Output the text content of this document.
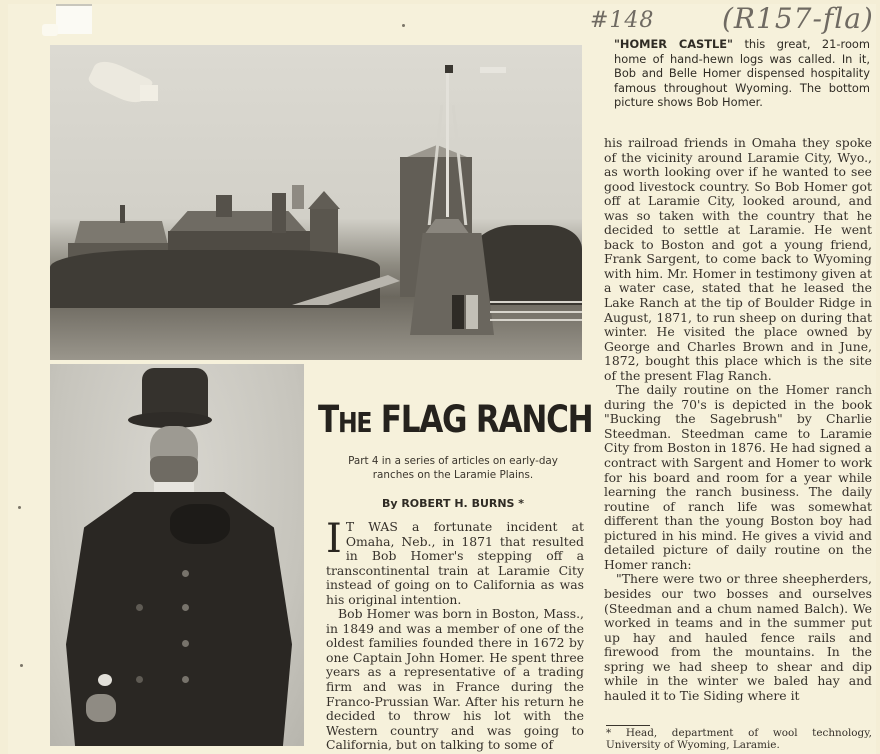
#148 (R157-fla)
"HOMER CASTLE" this great, 21-room home of hand-hewn logs was called. In it, Bob and Belle Homer dispensed hospitality famous throughout Wyoming. The bottom picture shows Bob Homer.
THE FLAG RANCH
Part 4 in a series of articles on early-day ranches on the Laramie Plains.
By ROBERT H. BURNS *

I T WAS a fortunate incident at Omaha, Neb., in 1871 that resulted in Bob Homer's stepping off a transcontinental train at Laramie City instead of going on to California as was his original intention.

Bob Homer was born in Boston, Mass., in 1849 and was a member of one of the oldest families founded there in 1672 by one Captain John Homer. He spent three years as a representative of a trading firm and was in France during the Franco-Prussian War. After his return he decided to throw his lot with the Western country and was going to California, but on talking to some of

his railroad friends in Omaha they spoke of the vicinity around Laramie City, Wyo., as worth looking over if he wanted to see good livestock country. So Bob Homer got off at Laramie City, looked around, and was so taken with the country that he decided to settle at Laramie. He went back to Boston and got a young friend, Frank Sargent, to come back to Wyoming with him. Mr. Homer in testimony given at a water case, stated that he leased the Lake Ranch at the tip of Boulder Ridge in August, 1871, to run sheep on during that winter. He visited the place owned by George and Charles Brown and in June, 1872, bought this place which is the site of the present Flag Ranch.

The daily routine on the Homer ranch during the 70's is depicted in the book "Bucking the Sagebrush" by Charlie Steedman. Steedman came to Laramie City from Boston in 1876. He had signed a contract with Sargent and Homer to work for his board and room for a year while learning the ranch business. The daily routine of ranch life was somewhat different than the young Boston boy had pictured in his mind. He gives a vivid and detailed picture of daily routine on the Homer ranch:

"There were two or three sheepherders, besides our two bosses and ourselves (Steedman and a chum named Balch). We worked in teams and in the summer put up hay and hauled fence rails and firewood from the mountains. In the spring we had sheep to shear and dip while in the winter we baled hay and hauled it to Tie Siding where it

* Head, department of wool technology, University of Wyoming, Laramie.
